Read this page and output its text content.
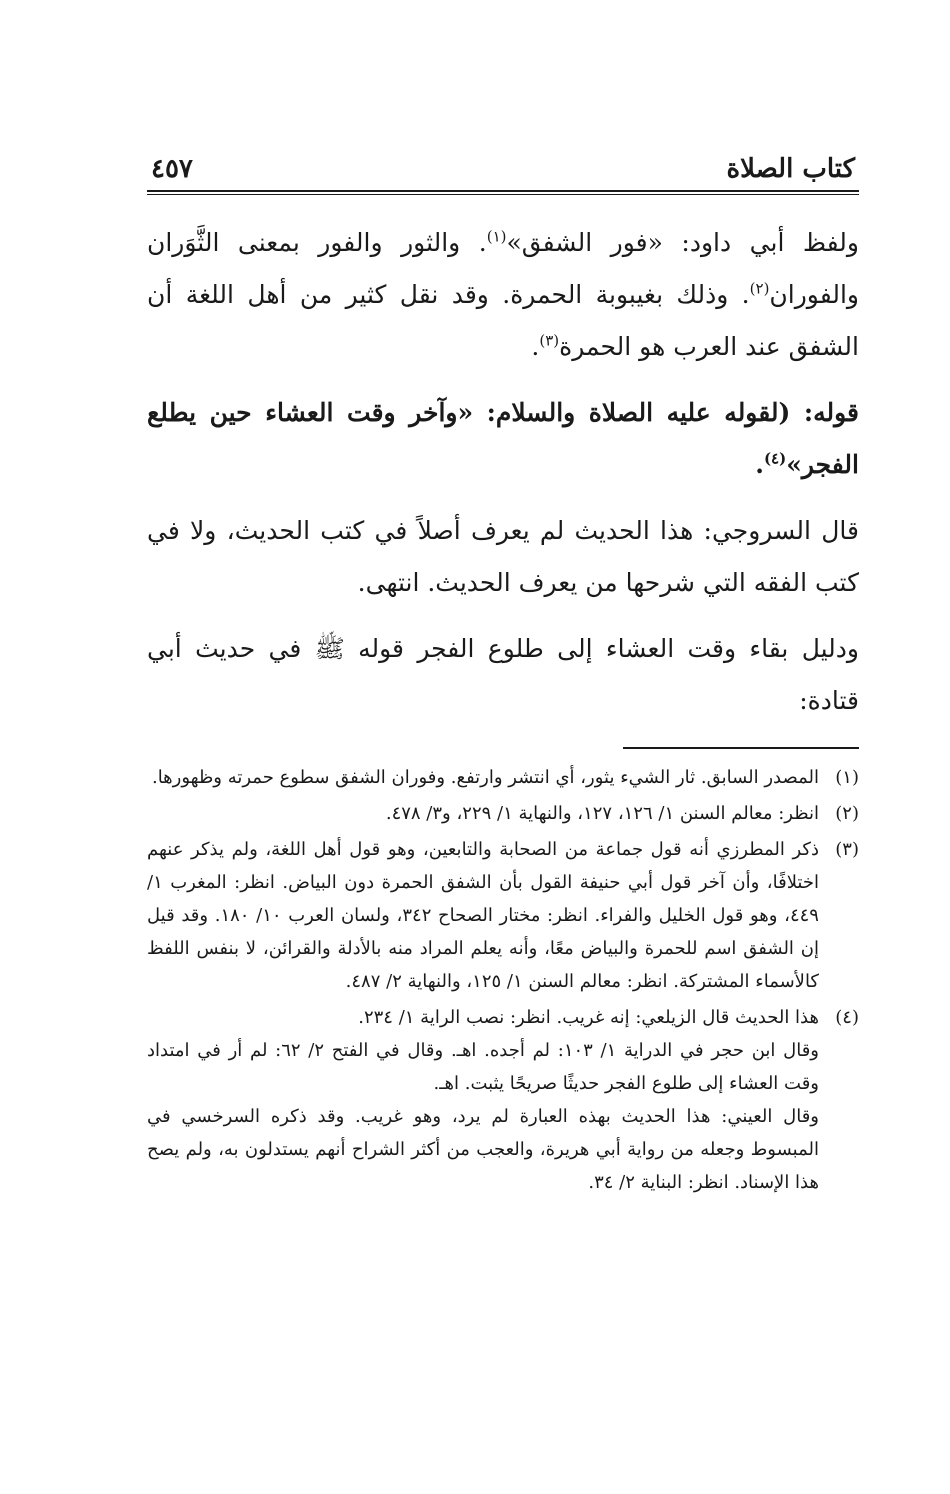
كتاب الصلاة
٤٥٧

ولفظ أبي داود: «فور الشفق»$^{(١)}$. والثور والفور بمعنى الثَّوَران والفوران$^{(٢)}$. وذلك بغيبوبة الحمرة. وقد نقل كثير من أهل اللغة أن الشفق عند العرب هو الحمرة$^{(٣)}$.

قوله: (لقوله عليه الصلاة والسلام: «وآخر وقت العشاء حين يطلع الفجر»$^{(٤)}$.

قال السروجي: هذا الحديث لم يعرف أصلاً في كتب الحديث، ولا في كتب الفقه التي شرحها من يعرف الحديث. انتهى.

ودليل بقاء وقت العشاء إلى طلوع الفجر قوله ﷺ في حديث أبي قتادة:

(١)
المصدر السابق. ثار الشيء يثور، أي انتشر وارتفع. وفوران الشفق سطوع حمرته وظهورها.
(٢)
انظر: معالم السنن ١/ ١٢٦، ١٢٧، والنهاية ١/ ٢٢٩، و٣/ ٤٧٨.
(٣)
ذكر المطرزي أنه قول جماعة من الصحابة والتابعين، وهو قول أهل اللغة، ولم يذكر عنهم اختلافًا، وأن آخر قول أبي حنيفة القول بأن الشفق الحمرة دون البياض. انظر: المغرب ١/ ٤٤٩، وهو قول الخليل والفراء. انظر: مختار الصحاح ٣٤٢، ولسان العرب ١٠/ ١٨٠. وقد قيل إن الشفق اسم للحمرة والبياض معًا، وأنه يعلم المراد منه بالأدلة والقرائن، لا بنفس اللفظ كالأسماء المشتركة. انظر: معالم السنن ١/ ١٢٥، والنهاية ٢/ ٤٨٧.
(٤)
هذا الحديث قال الزيلعي: إنه غريب. انظر: نصب الراية ١/ ٢٣٤.
وقال ابن حجر في الدراية ١/ ١٠٣: لم أجده. اهـ. وقال في الفتح ٢/ ٦٢: لم أر في امتداد وقت العشاء إلى طلوع الفجر حديثًا صريحًا يثبت. اهـ.
وقال العيني: هذا الحديث بهذه العبارة لم يرد، وهو غريب. وقد ذكره السرخسي في المبسوط وجعله من رواية أبي هريرة، والعجب من أكثر الشراح أنهم يستدلون به، ولم يصح هذا الإسناد. انظر: البناية ٢/ ٣٤.
